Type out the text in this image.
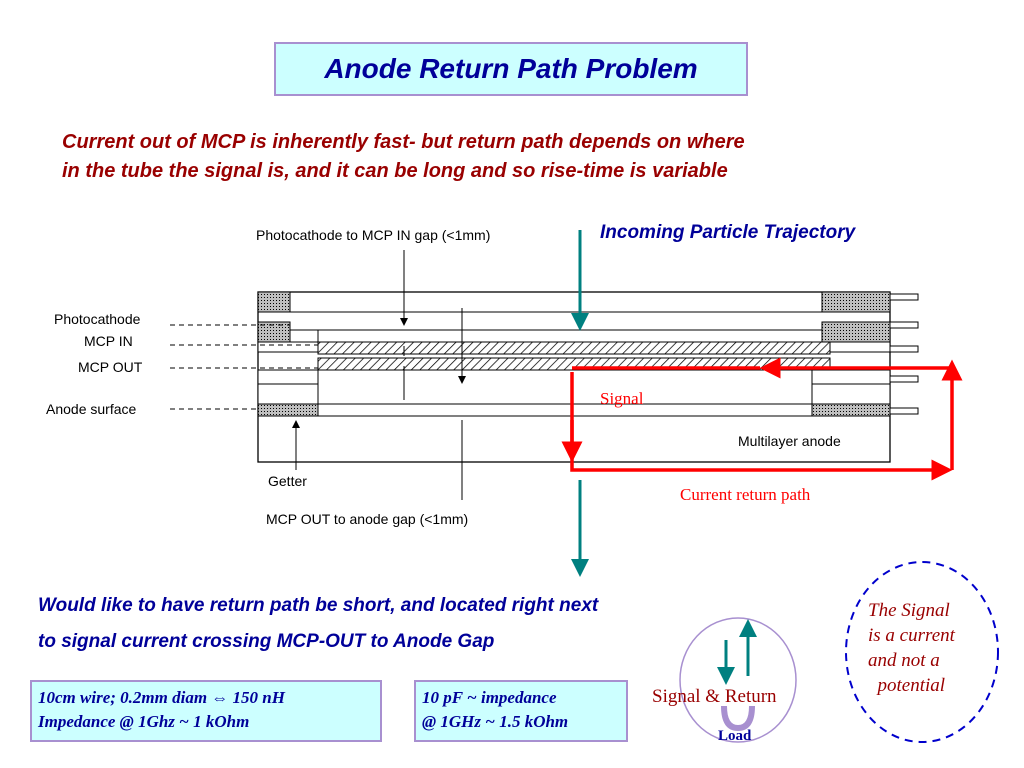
Anode Return Path Problem
Current out of MCP is inherently fast- but return path depends on where
in the tube the signal is, and it can be long and so rise-time is variable
Photocathode
MCP IN
MCP OUT
Anode surface
Photocathode to MCP IN gap (<1mm)
Getter
MCP OUT to anode gap (<1mm)
Multilayer anode
Signal
Current return path
Signal & Return
Load
Incoming Particle Trajectory
Would like to have return path be short, and located right next
to signal current crossing MCP-OUT to Anode Gap
10cm wire; 0.2mm diam ⇔ 150 nH
Impedance @ 1Ghz ~ 1 kOhm
10 pF ~ impedance
@ 1GHz ~ 1.5 kOhm
The Signal
is a current
and not a
potential
